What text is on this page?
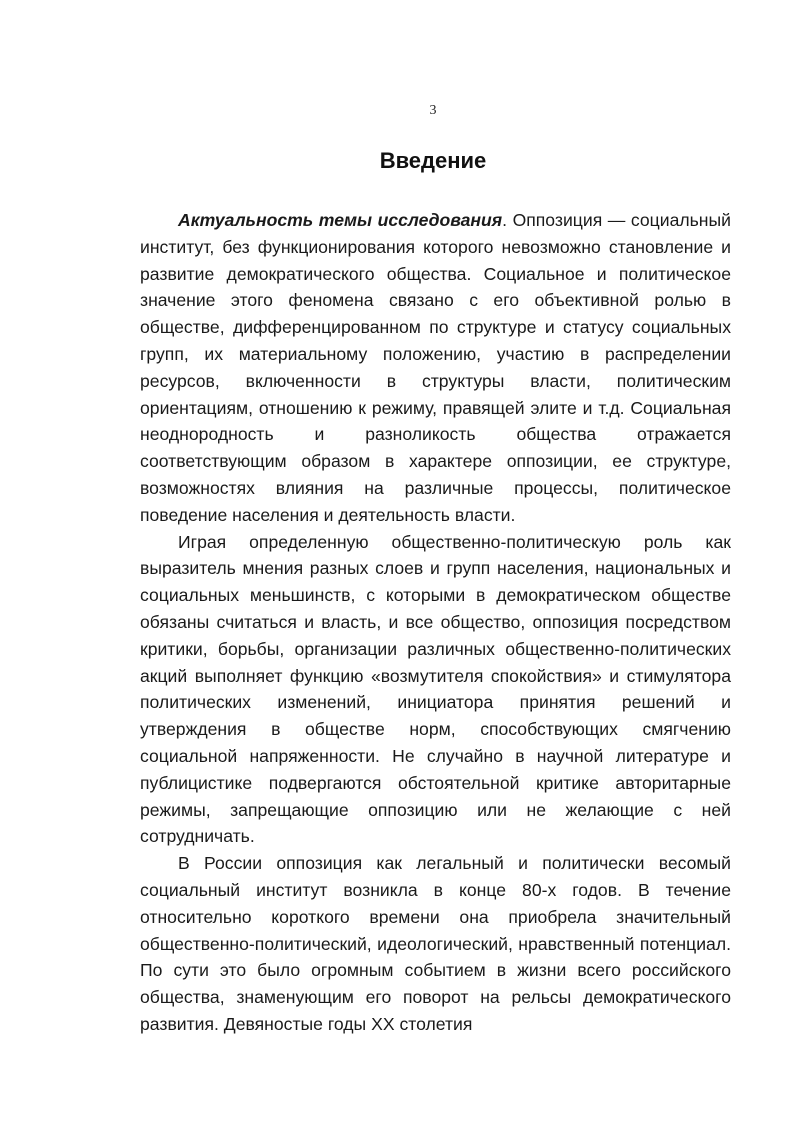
3
Введение

Актуальность темы исследования. Оппозиция — социальный институт, без функционирования которого невозможно становление и развитие демократического общества. Социальное и политическое значение этого феномена связано с его объективной ролью в обществе, дифференцированном по структуре и статусу социальных групп, их материальному положению, участию в распределении ресурсов, включенности в структуры власти, политическим ориентациям, отношению к режиму, правящей элите и т.д. Социальная неоднородность и разноликость общества отражается соответствующим образом в характере оппозиции, ее структуре, возможностях влияния на различные процессы, политическое поведение населения и деятельность власти.

Играя определенную общественно-политическую роль как выразитель мнения разных слоев и групп населения, национальных и социальных меньшинств, с которыми в демократическом обществе обязаны считаться и власть, и все общество, оппозиция посредством критики, борьбы, организации различных общественно-политических акций выполняет функцию «возмутителя спокойствия» и стимулятора политических изменений, инициатора принятия решений и утверждения в обществе норм, способствующих смягчению социальной напряженности. Не случайно в научной литературе и публицистике подвергаются обстоятельной критике авторитарные режимы, запрещающие оппозицию или не желающие с ней сотрудничать.

В России оппозиция как легальный и политически весомый социальный институт возникла в конце 80-х годов. В течение относительно короткого времени она приобрела значительный общественно-политический, идеологический, нравственный потенциал. По сути это было огромным событием в жизни всего российского общества, знаменующим его поворот на рельсы демократического развития. Девяностые годы XX столетия
